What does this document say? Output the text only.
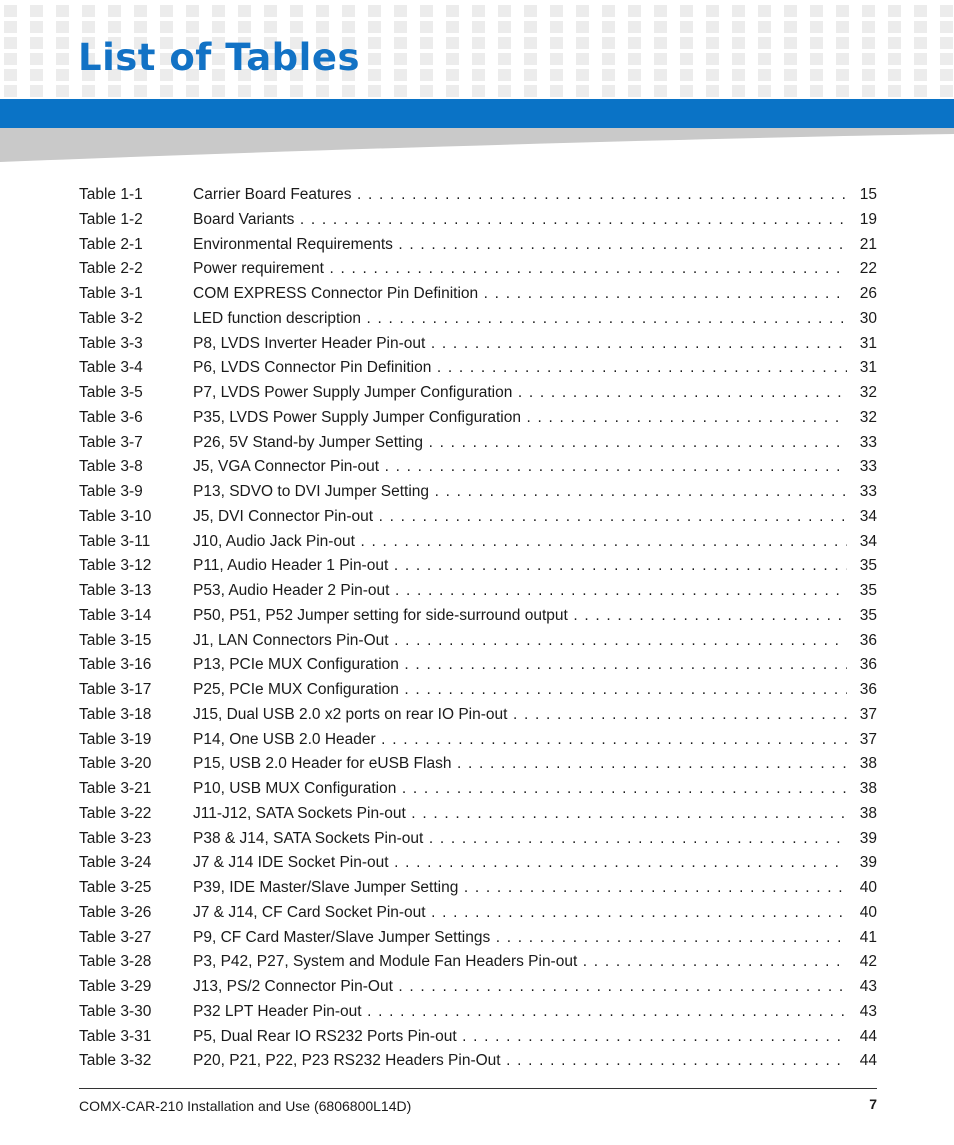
List of Tables
Table 1-1	Carrier Board Features . . .	15
Table 1-2	Board Variants . . .	19
Table 2-1	Environmental Requirements . . .	21
Table 2-2	Power requirement . . .	22
Table 3-1	COM EXPRESS Connector Pin Definition . . .	26
Table 3-2	LED function description . . .	30
Table 3-3	P8, LVDS Inverter Header Pin-out . . .	31
Table 3-4	P6, LVDS Connector Pin Definition . . .	31
Table 3-5	P7, LVDS Power Supply Jumper Configuration . . .	32
Table 3-6	P35, LVDS Power Supply Jumper Configuration . . .	32
Table 3-7	P26, 5V Stand-by Jumper Setting . . .	33
Table 3-8	J5, VGA Connector Pin-out . . .	33
Table 3-9	P13, SDVO to DVI Jumper Setting . . .	33
Table 3-10	J5, DVI Connector Pin-out . . .	34
Table 3-11	J10, Audio Jack Pin-out . . .	34
Table 3-12	P11, Audio Header 1 Pin-out . . .	35
Table 3-13	P53, Audio Header 2 Pin-out . . .	35
Table 3-14	P50, P51, P52 Jumper setting for side-surround output . . .	35
Table 3-15	J1, LAN Connectors Pin-Out . . .	36
Table 3-16	P13, PCIe MUX Configuration . . .	36
Table 3-17	P25, PCIe MUX Configuration . . .	36
Table 3-18	J15, Dual USB 2.0 x2 ports on rear IO Pin-out . . .	37
Table 3-19	P14, One USB 2.0 Header . . .	37
Table 3-20	P15, USB 2.0 Header for eUSB Flash . . .	38
Table 3-21	P10, USB MUX Configuration . . .	38
Table 3-22	J11-J12, SATA Sockets Pin-out . . .	38
Table 3-23	P38 & J14, SATA Sockets Pin-out . . .	39
Table 3-24	J7 & J14 IDE Socket Pin-out . . .	39
Table 3-25	P39, IDE Master/Slave Jumper Setting . . .	40
Table 3-26	J7 & J14, CF Card Socket Pin-out . . .	40
Table 3-27	P9, CF Card Master/Slave Jumper Settings . . .	41
Table 3-28	P3, P42, P27, System and Module Fan Headers Pin-out . . .	42
Table 3-29	J13, PS/2 Connector Pin-Out . . .	43
Table 3-30	P32 LPT Header Pin-out . . .	43
Table 3-31	P5, Dual Rear IO RS232 Ports Pin-out . . .	44
Table 3-32	P20, P21, P22, P23 RS232 Headers Pin-Out . . .	44
COMX-CAR-210 Installation and Use (6806800L14D)	7
